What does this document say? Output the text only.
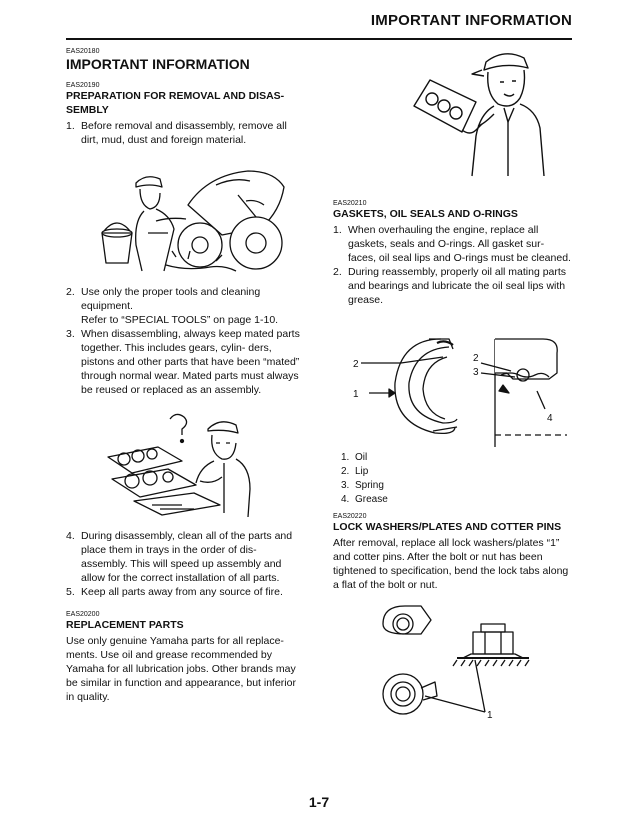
IMPORTANT INFORMATION
EAS20180
IMPORTANT INFORMATION
EAS20190
PREPARATION FOR REMOVAL AND DISAS- SEMBLY
1. Before removal and disassembly, remove all dirt, mud, dust and foreign material.
2. Use only the proper tools and cleaning equipment.
Refer to “SPECIAL TOOLS” on page 1-10.
3. When disassembling, always keep mated parts together. This includes gears, cylin- ders, pistons and other parts that have been “mated” through normal wear. Mated parts must always be reused or replaced as an assembly.
4. During disassembly, clean all of the parts and place them in trays in the order of dis- assembly. This will speed up assembly and allow for the correct installation of all parts.
5. Keep all parts away from any source of fire.
EAS20200
REPLACEMENT PARTS
Use only genuine Yamaha parts for all replace- ments. Use oil and grease recommended by Yamaha for all lubrication jobs. Other brands may be similar in function and appearance, but inferior in quality.
EAS20210
GASKETS, OIL SEALS AND O-RINGS
1. When overhauling the engine, replace all gaskets, seals and O-rings. All gasket sur- faces, oil seal lips and O-rings must be cleaned.
2. During reassembly, properly oil all mating parts and bearings and lubricate the oil seal lips with grease.
2
1
2
3
4
1. Oil
2. Lip
3. Spring
4. Grease
EAS20220
LOCK WASHERS/PLATES AND COTTER PINS
After removal, replace all lock washers/plates “1” and cotter pins. After the bolt or nut has been tightened to specification, bend the lock tabs along a flat of the bolt or nut.
1
1-7
